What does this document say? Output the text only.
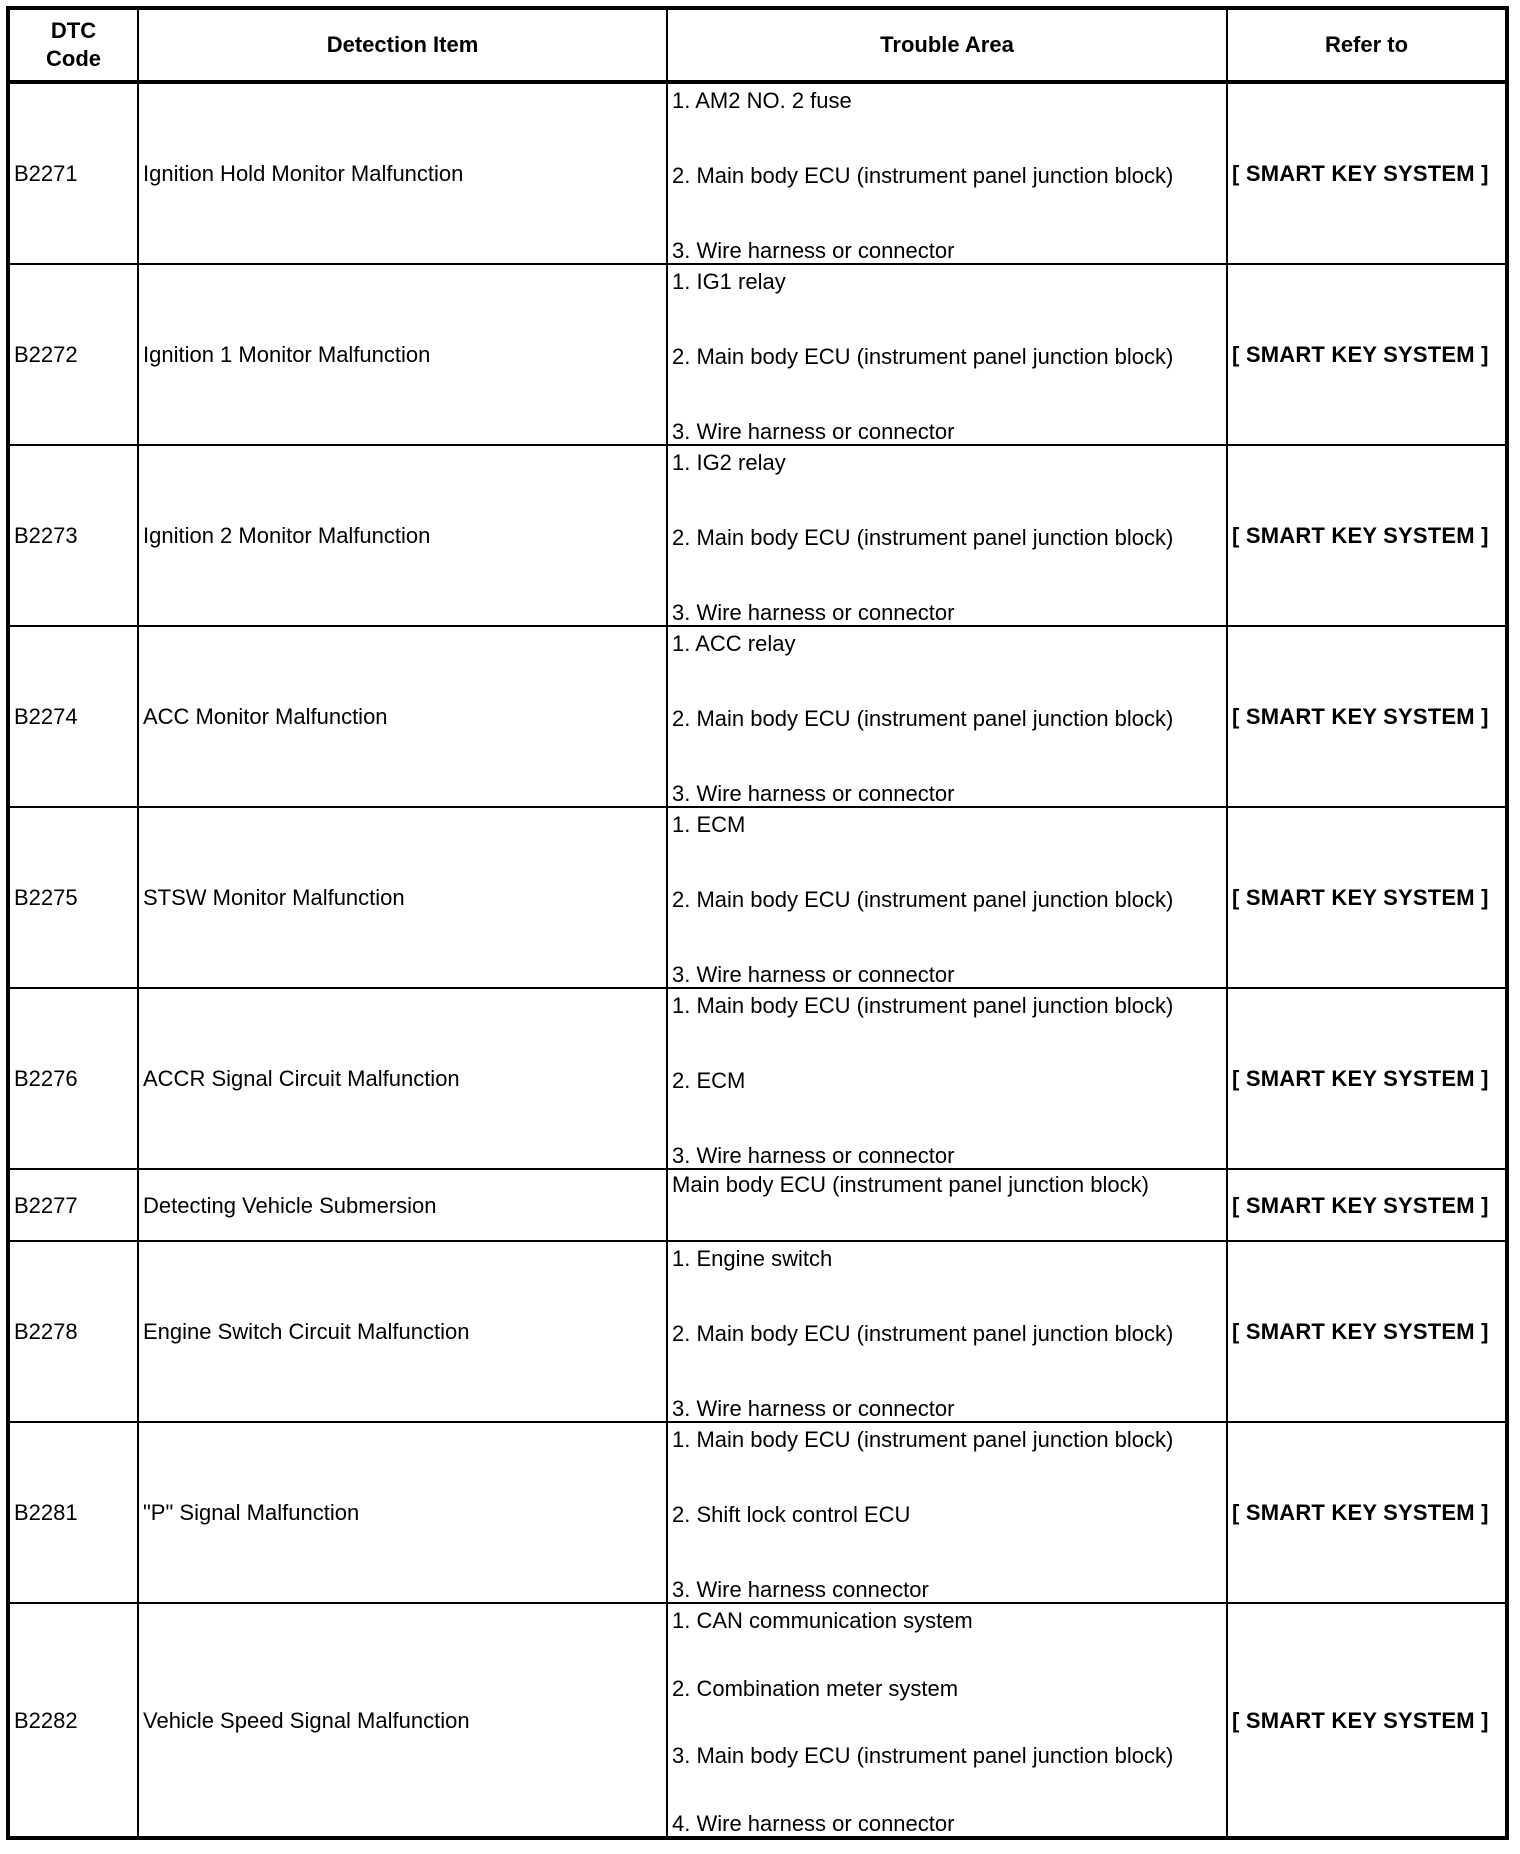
DTC
Code	Detection Item	Trouble Area	Refer to
B2271	Ignition Hold Monitor Malfunction	1. AM2 NO. 2 fuse
2. Main body ECU (instrument panel junction block)
3. Wire harness or connector	[ SMART KEY SYSTEM ]
B2272	Ignition 1 Monitor Malfunction	1. IG1 relay
2. Main body ECU (instrument panel junction block)
3. Wire harness or connector	[ SMART KEY SYSTEM ]
B2273	Ignition 2 Monitor Malfunction	1. IG2 relay
2. Main body ECU (instrument panel junction block)
3. Wire harness or connector	[ SMART KEY SYSTEM ]
B2274	ACC Monitor Malfunction	1. ACC relay
2. Main body ECU (instrument panel junction block)
3. Wire harness or connector	[ SMART KEY SYSTEM ]
B2275	STSW Monitor Malfunction	1. ECM
2. Main body ECU (instrument panel junction block)
3. Wire harness or connector	[ SMART KEY SYSTEM ]
B2276	ACCR Signal Circuit Malfunction	1. Main body ECU (instrument panel junction block)
2. ECM
3. Wire harness or connector	[ SMART KEY SYSTEM ]
B2277	Detecting Vehicle Submersion	Main body ECU (instrument panel junction block)	[ SMART KEY SYSTEM ]
B2278	Engine Switch Circuit Malfunction	1. Engine switch
2. Main body ECU (instrument panel junction block)
3. Wire harness or connector	[ SMART KEY SYSTEM ]
B2281	"P" Signal Malfunction	1. Main body ECU (instrument panel junction block)
2. Shift lock control ECU
3. Wire harness connector	[ SMART KEY SYSTEM ]
B2282	Vehicle Speed Signal Malfunction	1. CAN communication system
2. Combination meter system
3. Main body ECU (instrument panel junction block)
4. Wire harness or connector	[ SMART KEY SYSTEM ]
